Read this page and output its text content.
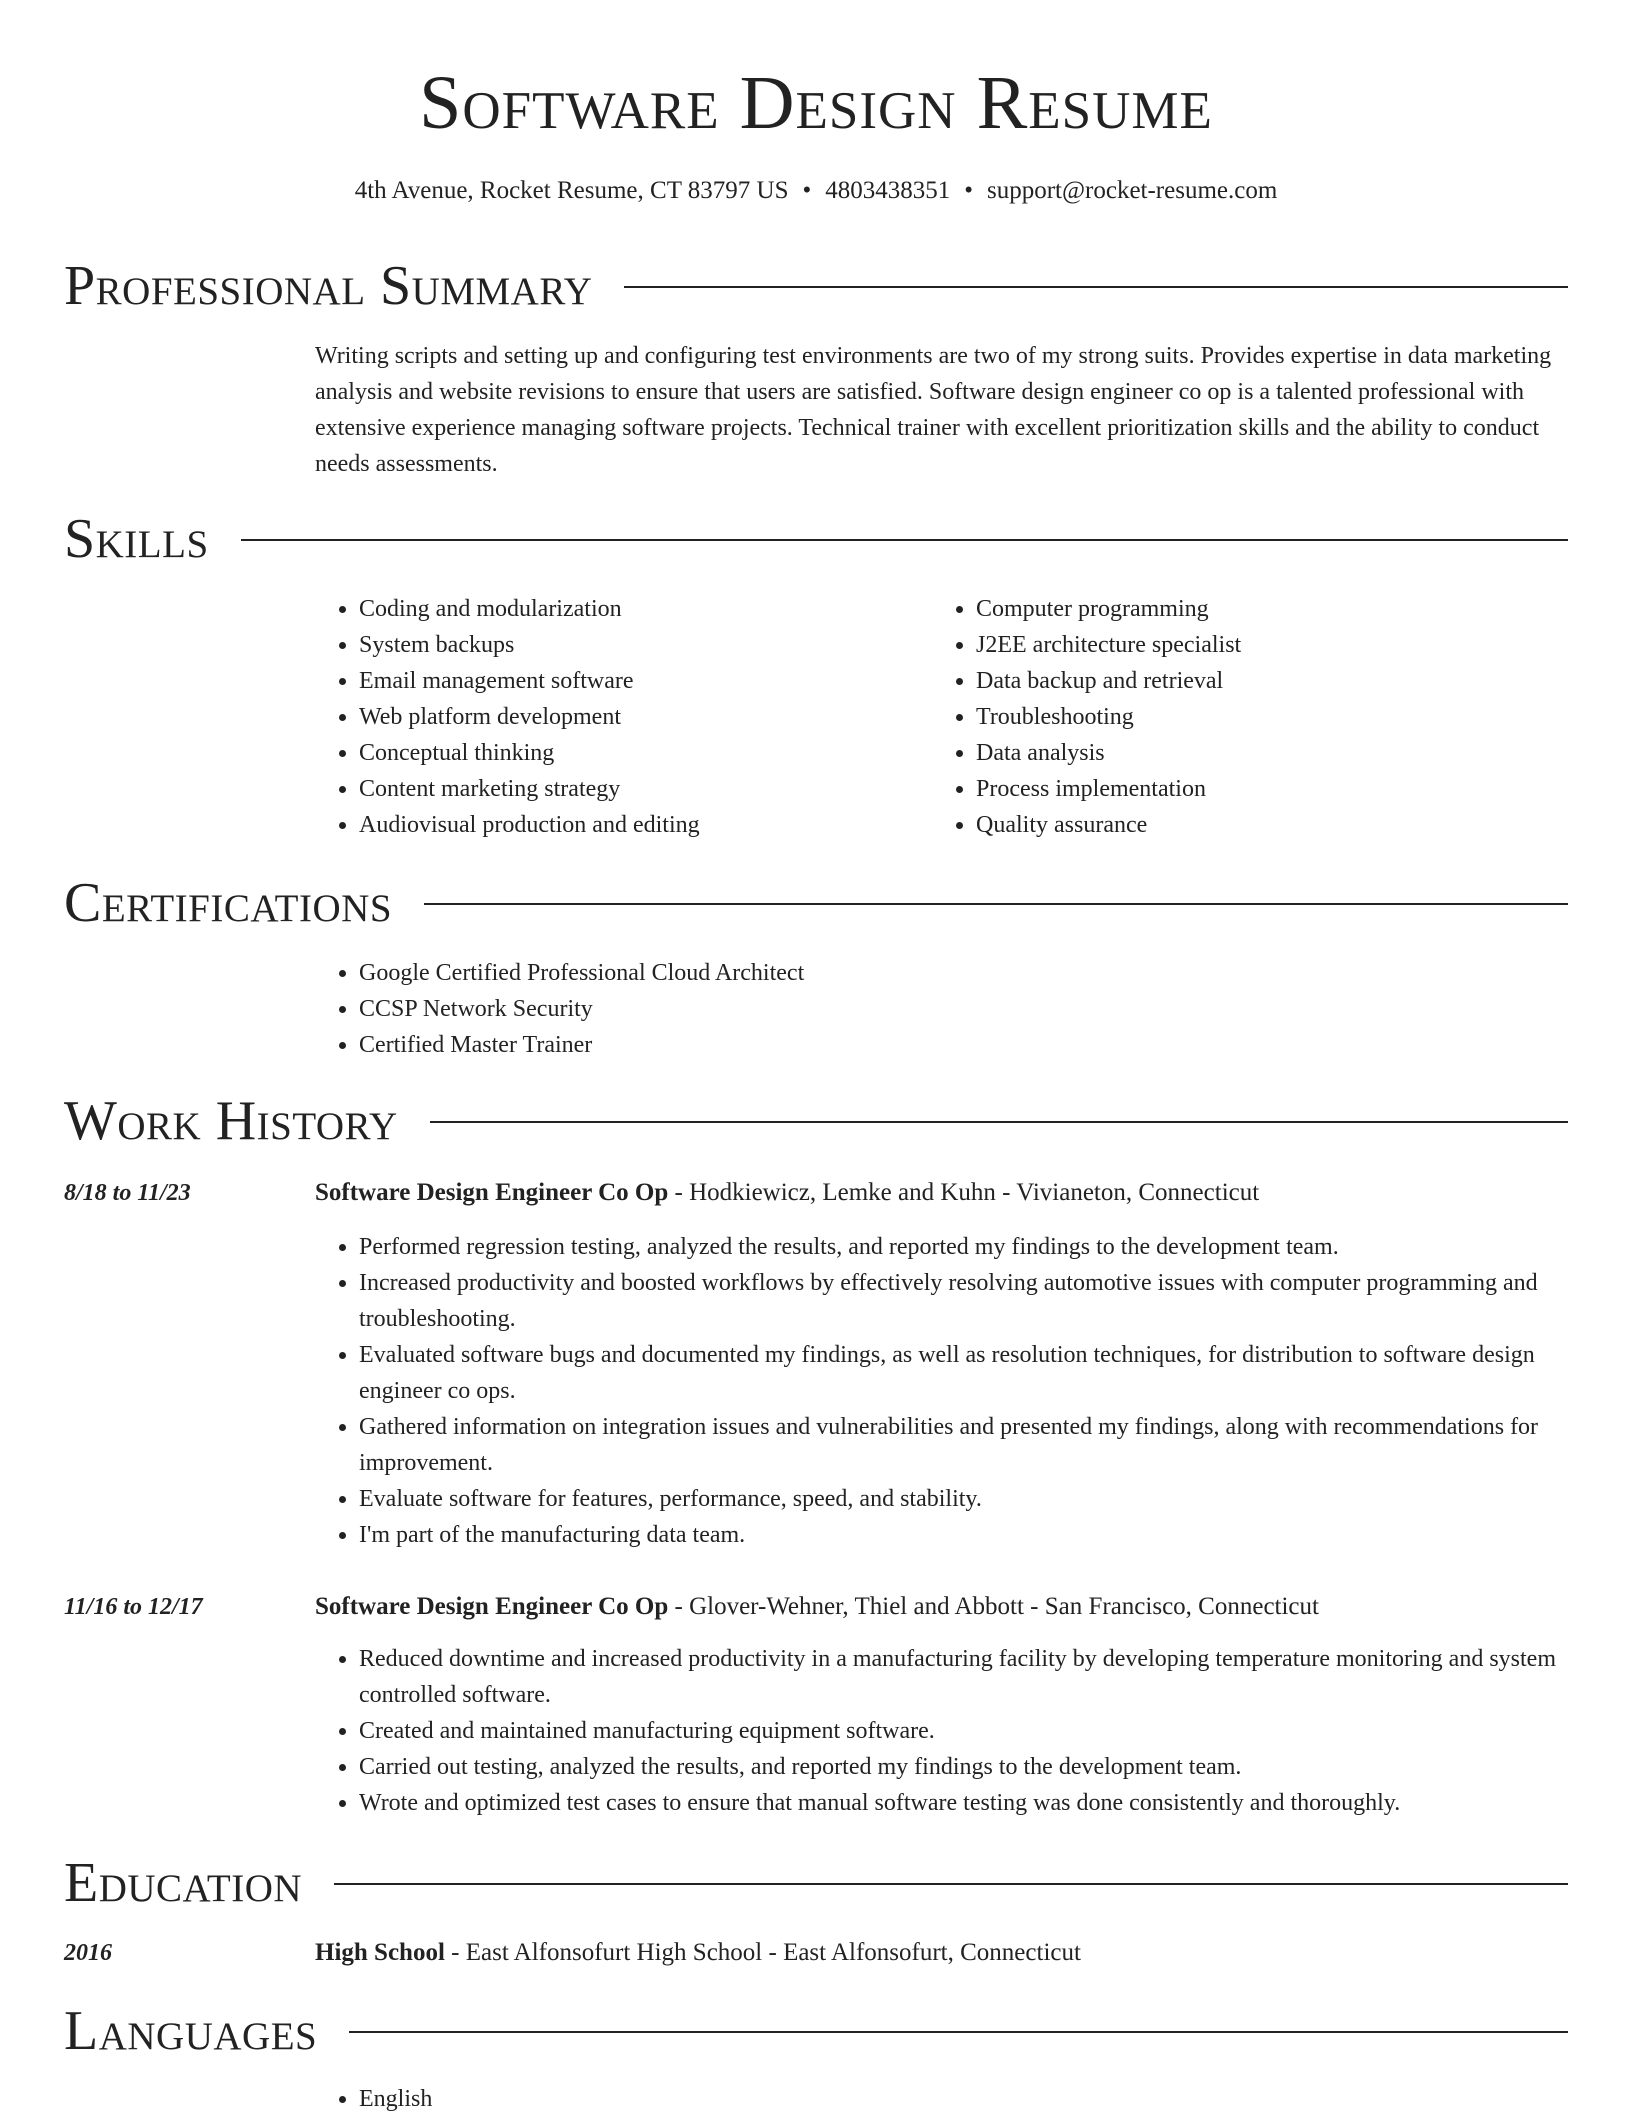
Software Design Resume
4th Avenue, Rocket Resume, CT 83797 US • 4803438351 • support@rocket-resume.com
Professional Summary
Writing scripts and setting up and configuring test environments are two of my strong suits. Provides expertise in data marketing analysis and website revisions to ensure that users are satisfied. Software design engineer co op is a talented professional with extensive experience managing software projects. Technical trainer with excellent prioritization skills and the ability to conduct needs assessments.
Skills
• Coding and modularization
• System backups
• Email management software
• Web platform development
• Conceptual thinking
• Content marketing strategy
• Audiovisual production and editing
• Computer programming
• J2EE architecture specialist
• Data backup and retrieval
• Troubleshooting
• Data analysis
• Process implementation
• Quality assurance
Certifications
• Google Certified Professional Cloud Architect
• CCSP Network Security
• Certified Master Trainer
Work History
8/18 to 11/23	Software Design Engineer Co Op - Hodkiewicz, Lemke and Kuhn - Vivianeton, Connecticut
• Performed regression testing, analyzed the results, and reported my findings to the development team.
• Increased productivity and boosted workflows by effectively resolving automotive issues with computer programming and troubleshooting.
• Evaluated software bugs and documented my findings, as well as resolution techniques, for distribution to software design engineer co ops.
• Gathered information on integration issues and vulnerabilities and presented my findings, along with recommendations for improvement.
• Evaluate software for features, performance, speed, and stability.
• I'm part of the manufacturing data team.
11/16 to 12/17	Software Design Engineer Co Op - Glover-Wehner, Thiel and Abbott - San Francisco, Connecticut
• Reduced downtime and increased productivity in a manufacturing facility by developing temperature monitoring and system controlled software.
• Created and maintained manufacturing equipment software.
• Carried out testing, analyzed the results, and reported my findings to the development team.
• Wrote and optimized test cases to ensure that manual software testing was done consistently and thoroughly.
Education
2016	High School - East Alfonsofurt High School - East Alfonsofurt, Connecticut
Languages
• English
